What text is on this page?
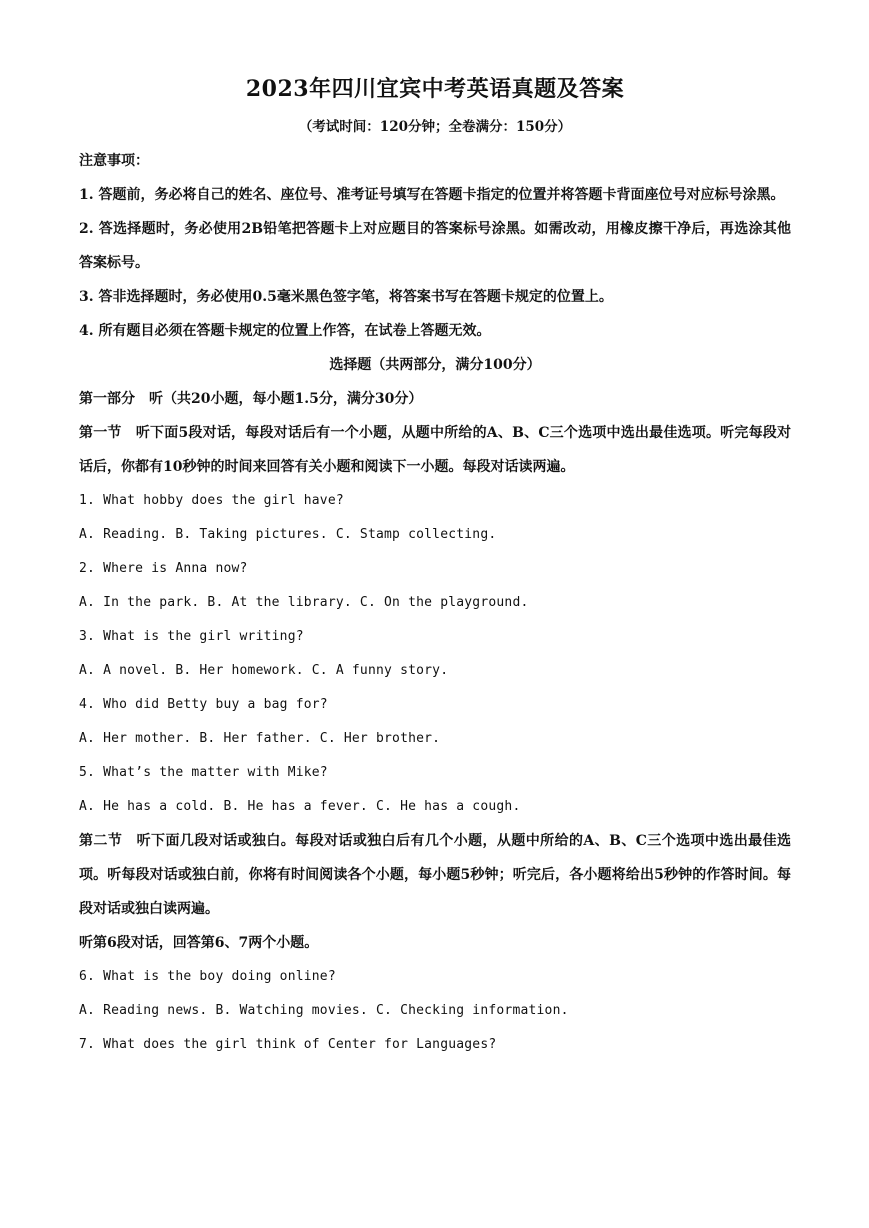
2023年四川宜宾中考英语真题及答案
（考试时间：120分钟；全卷满分：150分）
注意事项：
1. 答题前，务必将自己的姓名、座位号、准考证号填写在答题卡指定的位置并将答题卡背面座位号对应标号涂黑。
2. 答选择题时，务必使用2B铅笔把答题卡上对应题目的答案标号涂黑。如需改动，用橡皮擦干净后，再选涂其他答案标号。
3. 答非选择题时，务必使用0.5毫米黑色签字笔，将答案书写在答题卡规定的位置上。
4. 所有题目必须在答题卡规定的位置上作答，在试卷上答题无效。
选择题（共两部分，满分100分）
第一部分　听（共20小题，每小题1.5分，满分30分）
第一节　听下面5段对话，每段对话后有一个小题，从题中所给的A、B、C三个选项中选出最佳选项。听完每段对话后，你都有10秒钟的时间来回答有关小题和阅读下一小题。每段对话读两遍。
1. What hobby does the girl have?
A. Reading. B. Taking pictures. C. Stamp collecting.
2. Where is Anna now?
A. In the park. B. At the library. C. On the playground.
3. What is the girl writing?
A. A novel. B. Her homework. C. A funny story.
4. Who did Betty buy a bag for?
A. Her mother. B. Her father. C. Her brother.
5. What’s the matter with Mike?
A. He has a cold. B. He has a fever. C. He has a cough.
第二节　听下面几段对话或独白。每段对话或独白后有几个小题，从题中所给的A、B、C三个选项中选出最佳选项。听每段对话或独白前，你将有时间阅读各个小题，每小题5秒钟；听完后，各小题将给出5秒钟的作答时间。每段对话或独白读两遍。
听第6段对话，回答第6、7两个小题。
6. What is the boy doing online?
A. Reading news. B. Watching movies. C. Checking information.
7. What does the girl think of Center for Languages?
